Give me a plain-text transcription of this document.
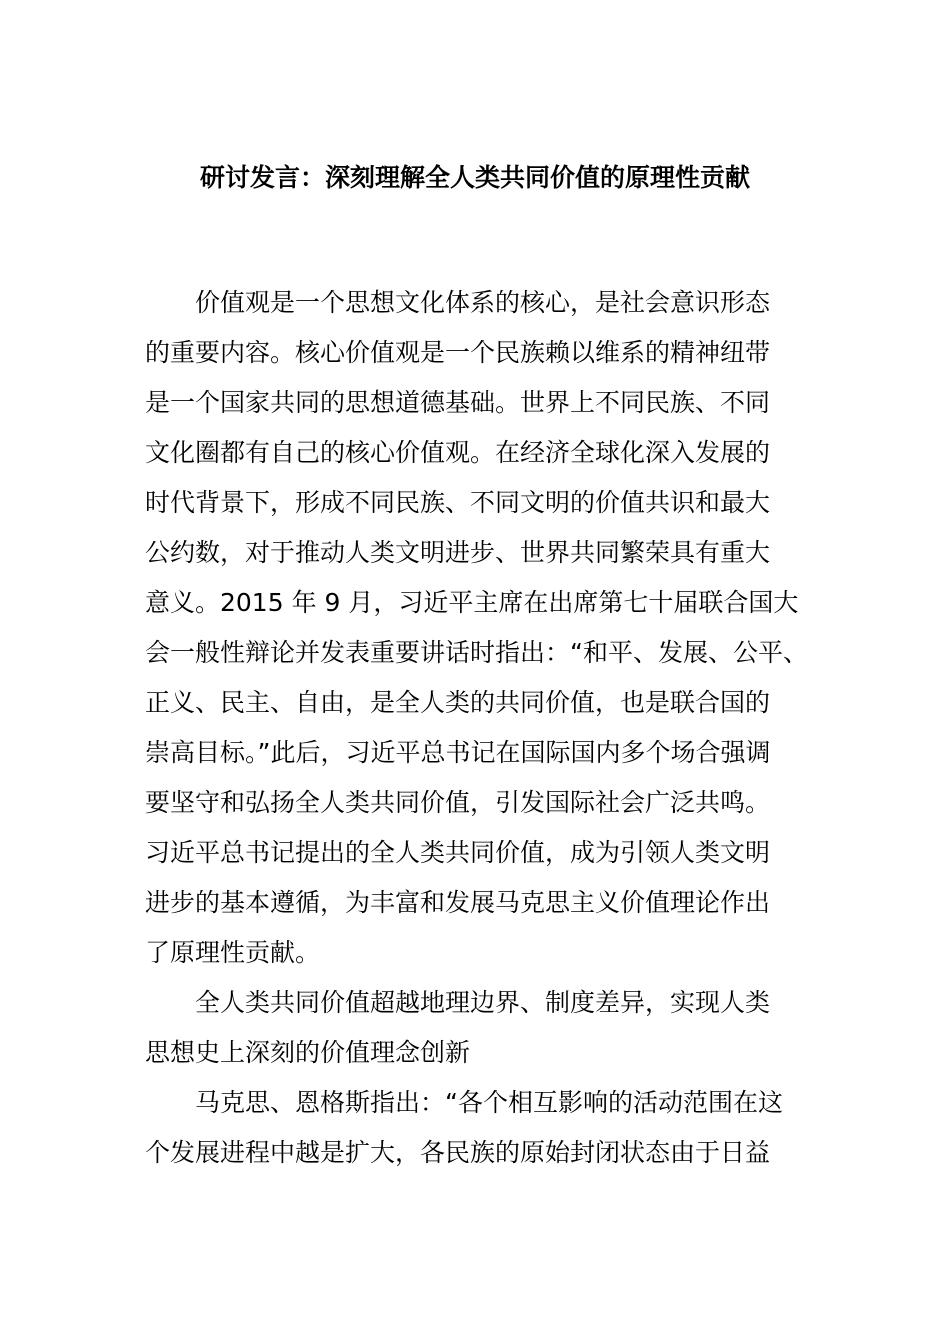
研讨发言：深刻理解全人类共同价值的原理性贡献
　　价值观是一个思想文化体系的核心，是社会意识形态
的重要内容。核心价值观是一个民族赖以维系的精神纽带
是一个国家共同的思想道德基础。世界上不同民族、不同
文化圈都有自己的核心价值观。在经济全球化深入发展的
时代背景下，形成不同民族、不同文明的价值共识和最大
公约数，对于推动人类文明进步、世界共同繁荣具有重大
意义。2015 年 9 月，习近平主席在出席第七十届联合国大
会一般性辩论并发表重要讲话时指出：“和平、发展、公平、
正义、民主、自由，是全人类的共同价值，也是联合国的
崇高目标。”此后，习近平总书记在国际国内多个场合强调
要坚守和弘扬全人类共同价值，引发国际社会广泛共鸣。
习近平总书记提出的全人类共同价值，成为引领人类文明
进步的基本遵循，为丰富和发展马克思主义价值理论作出
了原理性贡献。
　　全人类共同价值超越地理边界、制度差异，实现人类
思想史上深刻的价值理念创新
　　马克思、恩格斯指出：“各个相互影响的活动范围在这
个发展进程中越是扩大，各民族的原始封闭状态由于日益
